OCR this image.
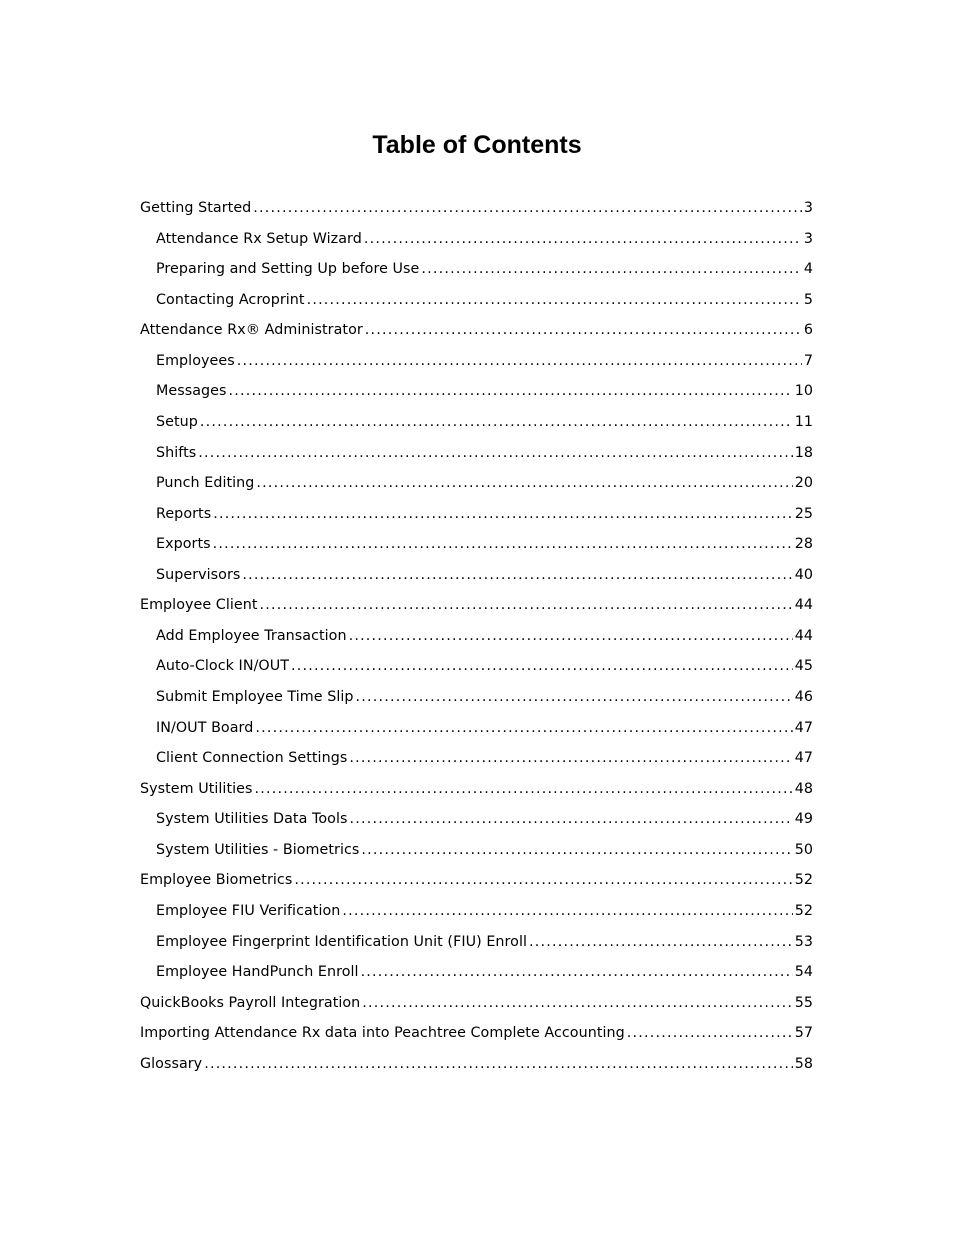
Table of Contents
Getting Started .....	3
Attendance Rx Setup Wizard .....	3
Preparing and Setting Up before Use .....	4
Contacting Acroprint .....	5
Attendance Rx® Administrator .....	6
Employees .....	7
Messages .....	10
Setup .....	11
Shifts .....	18
Punch Editing .....	20
Reports .....	25
Exports .....	28
Supervisors .....	40
Employee Client .....	44
Add Employee Transaction .....	44
Auto-Clock IN/OUT .....	45
Submit Employee Time Slip .....	46
IN/OUT Board .....	47
Client Connection Settings .....	47
System Utilities .....	48
System Utilities Data Tools .....	49
System Utilities - Biometrics .....	50
Employee Biometrics .....	52
Employee FIU Verification .....	52
Employee Fingerprint Identification Unit (FIU) Enroll .....	53
Employee HandPunch Enroll .....	54
QuickBooks Payroll Integration .....	55
Importing Attendance Rx data into Peachtree Complete Accounting .....	57
Glossary .....	58
